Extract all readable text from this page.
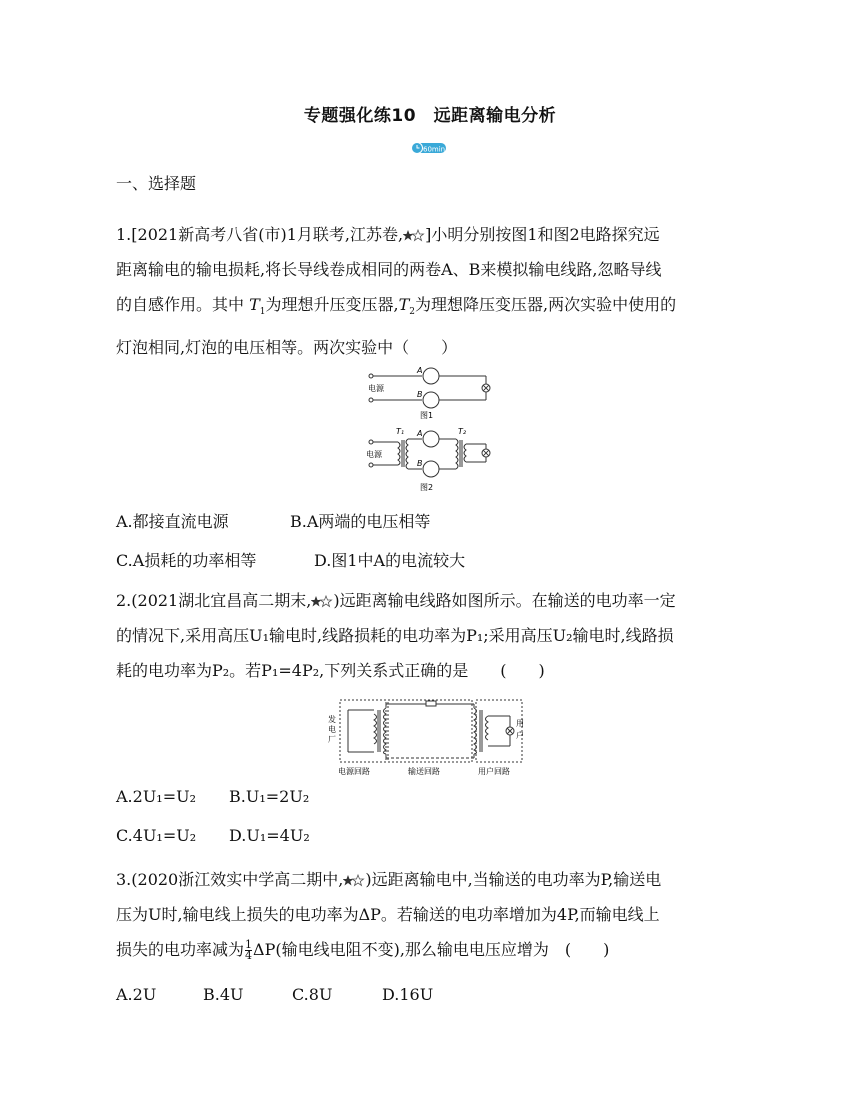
专题强化练10　远距离输电分析
60min
一、选择题

1.[2021新高考八省(市)1月联考,江苏卷, ]小明分别按图1和图2电路探究远

距离输电的输电损耗,将长导线卷成相同的两卷A、B来模拟输电线路,忽略导线

的自感作用。其中 $T_1$为理想升压变压器$,T_2$为理想降压变压器,两次实验中使用的

灯泡相同,灯泡的电压相等。两次实验中（　　）

电源
A
B
图1
电源
T₁	T₂
A
B
图2
A.都接直流电源	B.A两端的电压相等
C.A损耗的功率相等	D.图1中A的电流较大

2.(2021湖北宜昌高二期末, )远距离输电线路如图所示。在输送的电功率一定

的情况下,采用高压U₁输电时,线路损耗的电功率为P₁;采用高压U₂输电时,线路损

耗的电功率为P₂。若P₁=4P₂,下列关系式正确的是　　(　　)

发
电
厂
用
户
电源回路	输送回路	用户回路
A.2U₁=U₂ B.U₁=2U₂
C.4U₁=U₂ D.U₁=4U₂

3.(2020浙江效实中学高二期中, )远距离输电中,当输送的电功率为P,输送电

压为U时,输电线上损失的电功率为ΔP。若输送的电功率增加为4P,而输电线上

损失的电功率减为 $\frac{1}{4} \Delta P$(输电线电阻不变),那么输电电压应增为　(　　)

A.2U	B.4U	C.8U	D.16U
